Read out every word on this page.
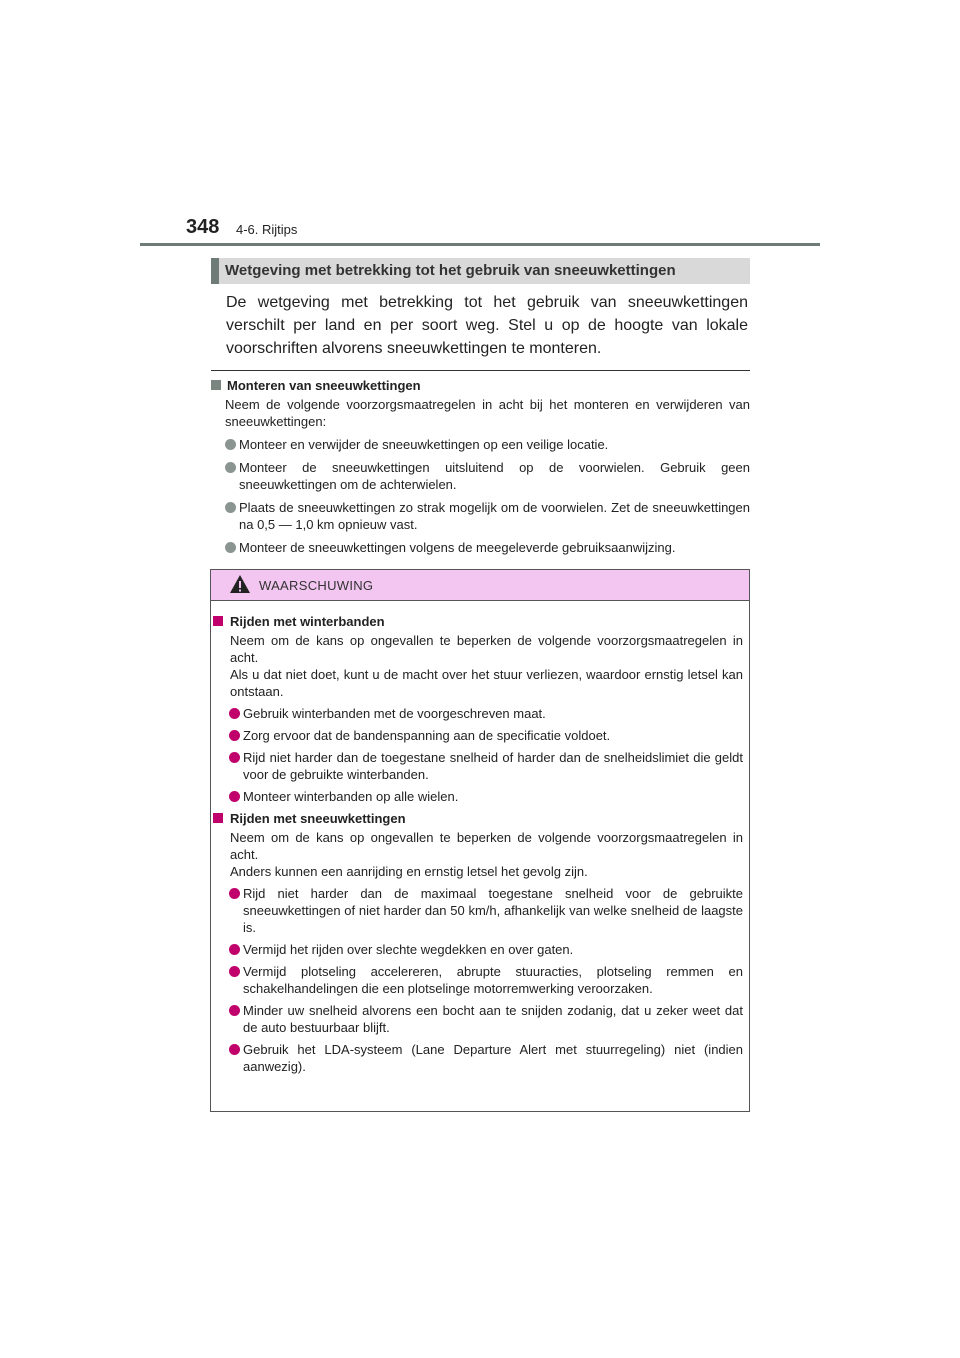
348 4-6. Rijtips
Wetgeving met betrekking tot het gebruik van sneeuwkettingen
De wetgeving met betrekking tot het gebruik van sneeuwkettingen verschilt per land en per soort weg. Stel u op de hoogte van lokale voorschriften alvorens sneeuwkettingen te monteren.
Monteren van sneeuwkettingen
Neem de volgende voorzorgsmaatregelen in acht bij het monteren en verwijderen van sneeuwkettingen:
Monteer en verwijder de sneeuwkettingen op een veilige locatie.
Monteer de sneeuwkettingen uitsluitend op de voorwielen. Gebruik geen sneeuwkettingen om de achterwielen.
Plaats de sneeuwkettingen zo strak mogelijk om de voorwielen. Zet de sneeuwkettingen na 0,5 — 1,0 km opnieuw vast.
Monteer de sneeuwkettingen volgens de meegeleverde gebruiksaanwijzing.
WAARSCHUWING
Rijden met winterbanden
Neem om de kans op ongevallen te beperken de volgende voorzorgsmaatregelen in acht.
Als u dat niet doet, kunt u de macht over het stuur verliezen, waardoor ernstig letsel kan ontstaan.
Gebruik winterbanden met de voorgeschreven maat.
Zorg ervoor dat de bandenspanning aan de specificatie voldoet.
Rijd niet harder dan de toegestane snelheid of harder dan de snelheidslimiet die geldt voor de gebruikte winterbanden.
Monteer winterbanden op alle wielen.
Rijden met sneeuwkettingen
Neem om de kans op ongevallen te beperken de volgende voorzorgsmaatregelen in acht.
Anders kunnen een aanrijding en ernstig letsel het gevolg zijn.
Rijd niet harder dan de maximaal toegestane snelheid voor de gebruikte sneeuwkettingen of niet harder dan 50 km/h, afhankelijk van welke snelheid de laagste is.
Vermijd het rijden over slechte wegdekken en over gaten.
Vermijd plotseling accelereren, abrupte stuuracties, plotseling remmen en schakelhandelingen die een plotselinge motorremwerking veroorzaken.
Minder uw snelheid alvorens een bocht aan te snijden zodanig, dat u zeker weet dat de auto bestuurbaar blijft.
Gebruik het LDA-systeem (Lane Departure Alert met stuurregeling) niet (indien aanwezig).
